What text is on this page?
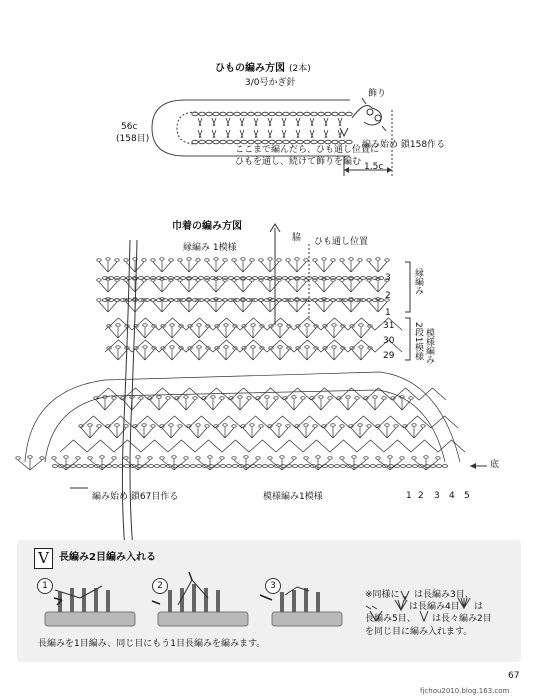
ひもの編み方図 (2本)
3/0号かぎ針
56c
(158目)
飾り
編み始め 鎖158作る
ここまで編んだら、ひも通し位置に
ひもを通し、続けて飾りを編む 1.5c
巾着の編み方図
縁編み 1模様
脇 ひも通し位置
3
2
1
31
30
29
縁編み
2段1模様 模様編み
底
編み始め 鎖67目作る	模様編み1模様	1 2 3 4 5
V	長編み2目編み入れる
1	2	3
※同様に は長編み3目、
は長編み4目 は
長編み5目、 は長々編み2目
を同じ目に編み入れます。
長編みを1目編み、同じ目にもう1目長編みを編みます。
67
fjchou2010.blog.163.com
